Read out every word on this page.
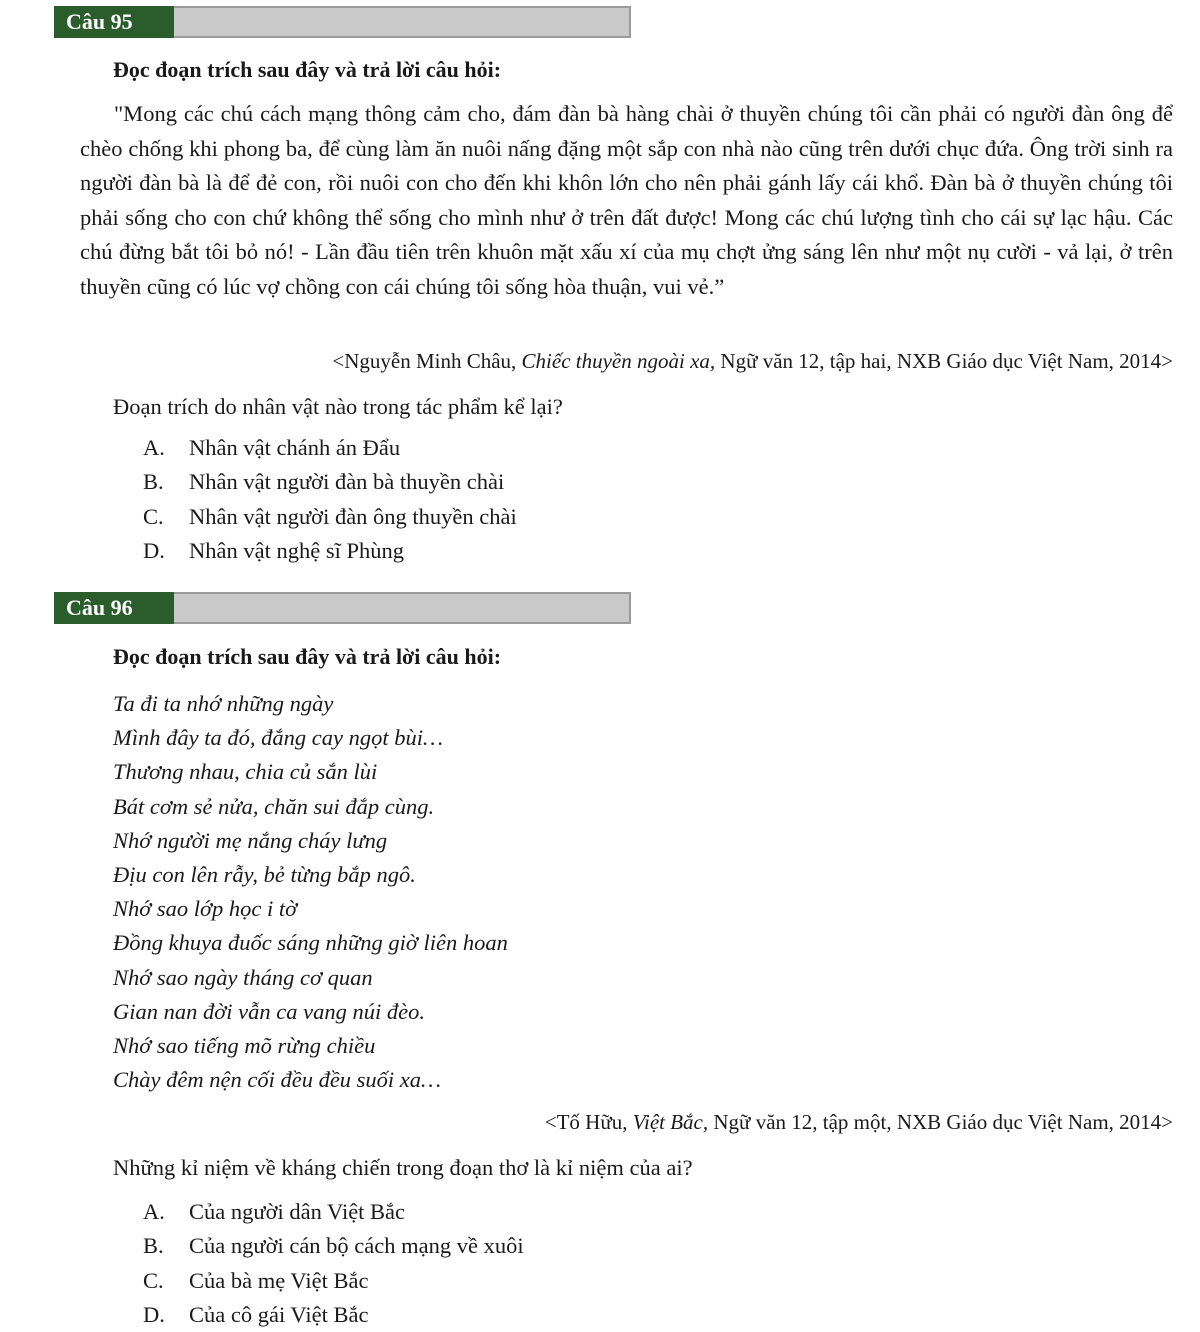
Câu 95
Đọc đoạn trích sau đây và trả lời câu hỏi:

"Mong các chú cách mạng thông cảm cho, đám đàn bà hàng chài ở thuyền chúng tôi cần phải có người đàn ông để chèo chống khi phong ba, để cùng làm ăn nuôi nấng đặng một sắp con nhà nào cũng trên dưới chục đứa. Ông trời sinh ra người đàn bà là để đẻ con, rồi nuôi con cho đến khi khôn lớn cho nên phải gánh lấy cái khổ. Đàn bà ở thuyền chúng tôi phải sống cho con chứ không thể sống cho mình như ở trên đất được! Mong các chú lượng tình cho cái sự lạc hậu. Các chú đừng bắt tôi bỏ nó! - Lần đầu tiên trên khuôn mặt xấu xí của mụ chợt ửng sáng lên như một nụ cười - vả lại, ở trên thuyền cũng có lúc vợ chồng con cái chúng tôi sống hòa thuận, vui vẻ.”

<Nguyễn Minh Châu, Chiếc thuyền ngoài xa, Ngữ văn 12, tập hai, NXB Giáo dục Việt Nam, 2014>
Đoạn trích do nhân vật nào trong tác phẩm kể lại?
A.	Nhân vật chánh án Đẩu
B.	Nhân vật người đàn bà thuyền chài
C.	Nhân vật người đàn ông thuyền chài
D.	Nhân vật nghệ sĩ Phùng
Câu 96
Đọc đoạn trích sau đây và trả lời câu hỏi:
Ta đi ta nhớ những ngày
Mình đây ta đó, đắng cay ngọt bùi…
Thương nhau, chia củ sắn lùi
Bát cơm sẻ nửa, chăn sui đắp cùng.
Nhớ người mẹ nắng cháy lưng
Địu con lên rẫy, bẻ từng bắp ngô.
Nhớ sao lớp học i tờ
Đồng khuya đuốc sáng những giờ liên hoan
Nhớ sao ngày tháng cơ quan
Gian nan đời vẫn ca vang núi đèo.
Nhớ sao tiếng mõ rừng chiều
Chày đêm nện cối đều đều suối xa…
<Tố Hữu, Việt Bắc, Ngữ văn 12, tập một, NXB Giáo dục Việt Nam, 2014>
Những kỉ niệm về kháng chiến trong đoạn thơ là kỉ niệm của ai?
A.	Của người dân Việt Bắc
B.	Của người cán bộ cách mạng về xuôi
C.	Của bà mẹ Việt Bắc
D.	Của cô gái Việt Bắc
